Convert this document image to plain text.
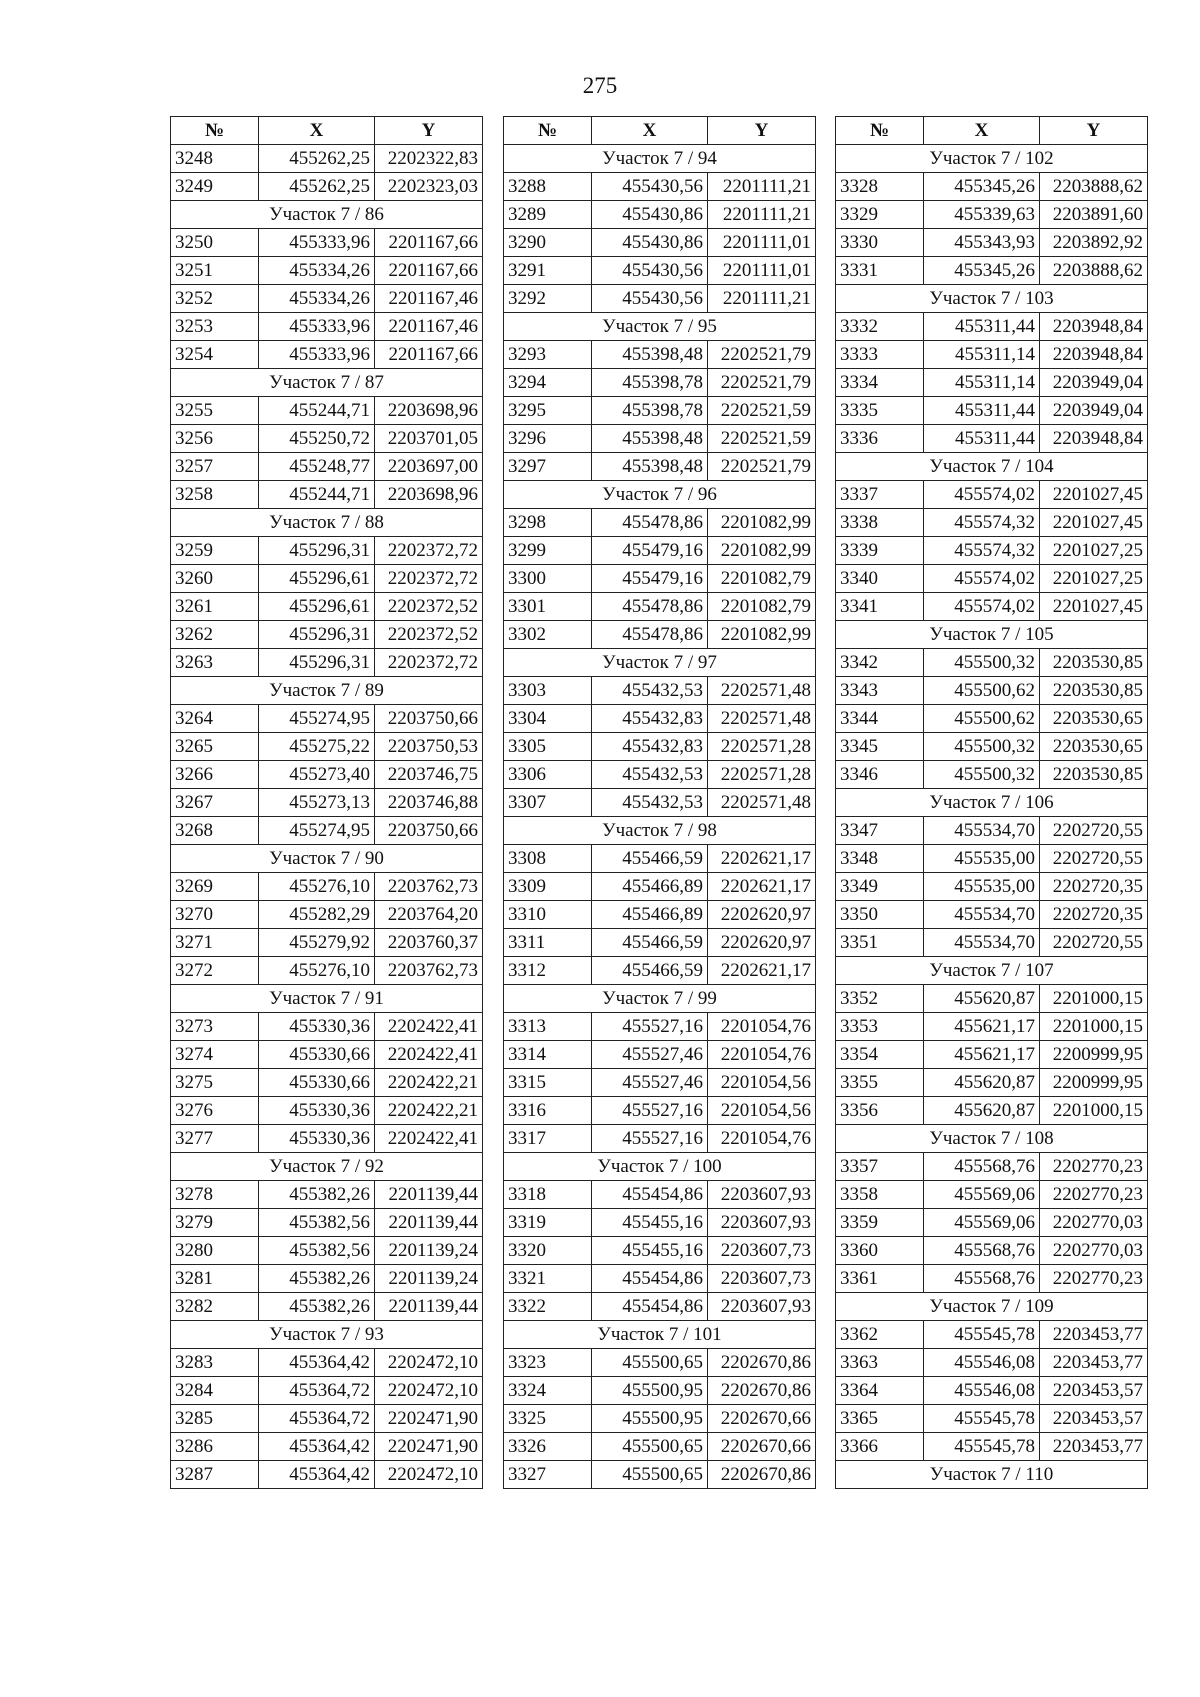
275
№	X	Y
3248	455262,25	2202322,83
3249	455262,25	2202323,03
Участок 7 / 86		
3250	455333,96	2201167,66
3251	455334,26	2201167,66
3252	455334,26	2201167,46
3253	455333,96	2201167,46
3254	455333,96	2201167,66
Участок 7 / 87		
3255	455244,71	2203698,96
3256	455250,72	2203701,05
3257	455248,77	2203697,00
3258	455244,71	2203698,96
Участок 7 / 88		
3259	455296,31	2202372,72
3260	455296,61	2202372,72
3261	455296,61	2202372,52
3262	455296,31	2202372,52
3263	455296,31	2202372,72
Участок 7 / 89		
3264	455274,95	2203750,66
3265	455275,22	2203750,53
3266	455273,40	2203746,75
3267	455273,13	2203746,88
3268	455274,95	2203750,66
Участок 7 / 90		
3269	455276,10	2203762,73
3270	455282,29	2203764,20
3271	455279,92	2203760,37
3272	455276,10	2203762,73
Участок 7 / 91		
3273	455330,36	2202422,41
3274	455330,66	2202422,41
3275	455330,66	2202422,21
3276	455330,36	2202422,21
3277	455330,36	2202422,41
Участок 7 / 92		
3278	455382,26	2201139,44
3279	455382,56	2201139,44
3280	455382,56	2201139,24
3281	455382,26	2201139,24
3282	455382,26	2201139,44
Участок 7 / 93		
3283	455364,42	2202472,10
3284	455364,72	2202472,10
3285	455364,72	2202471,90
3286	455364,42	2202471,90
3287	455364,42	2202472,10
№	X	Y
Участок 7 / 94		
3288	455430,56	2201111,21
3289	455430,86	2201111,21
3290	455430,86	2201111,01
3291	455430,56	2201111,01
3292	455430,56	2201111,21
Участок 7 / 95		
3293	455398,48	2202521,79
3294	455398,78	2202521,79
3295	455398,78	2202521,59
3296	455398,48	2202521,59
3297	455398,48	2202521,79
Участок 7 / 96		
3298	455478,86	2201082,99
3299	455479,16	2201082,99
3300	455479,16	2201082,79
3301	455478,86	2201082,79
3302	455478,86	2201082,99
Участок 7 / 97		
3303	455432,53	2202571,48
3304	455432,83	2202571,48
3305	455432,83	2202571,28
3306	455432,53	2202571,28
3307	455432,53	2202571,48
Участок 7 / 98		
3308	455466,59	2202621,17
3309	455466,89	2202621,17
3310	455466,89	2202620,97
3311	455466,59	2202620,97
3312	455466,59	2202621,17
Участок 7 / 99		
3313	455527,16	2201054,76
3314	455527,46	2201054,76
3315	455527,46	2201054,56
3316	455527,16	2201054,56
3317	455527,16	2201054,76
Участок 7 / 100		
3318	455454,86	2203607,93
3319	455455,16	2203607,93
3320	455455,16	2203607,73
3321	455454,86	2203607,73
3322	455454,86	2203607,93
Участок 7 / 101		
3323	455500,65	2202670,86
3324	455500,95	2202670,86
3325	455500,95	2202670,66
3326	455500,65	2202670,66
3327	455500,65	2202670,86
№	X	Y
Участок 7 / 102		
3328	455345,26	2203888,62
3329	455339,63	2203891,60
3330	455343,93	2203892,92
3331	455345,26	2203888,62
Участок 7 / 103		
3332	455311,44	2203948,84
3333	455311,14	2203948,84
3334	455311,14	2203949,04
3335	455311,44	2203949,04
3336	455311,44	2203948,84
Участок 7 / 104		
3337	455574,02	2201027,45
3338	455574,32	2201027,45
3339	455574,32	2201027,25
3340	455574,02	2201027,25
3341	455574,02	2201027,45
Участок 7 / 105		
3342	455500,32	2203530,85
3343	455500,62	2203530,85
3344	455500,62	2203530,65
3345	455500,32	2203530,65
3346	455500,32	2203530,85
Участок 7 / 106		
3347	455534,70	2202720,55
3348	455535,00	2202720,55
3349	455535,00	2202720,35
3350	455534,70	2202720,35
3351	455534,70	2202720,55
Участок 7 / 107		
3352	455620,87	2201000,15
3353	455621,17	2201000,15
3354	455621,17	2200999,95
3355	455620,87	2200999,95
3356	455620,87	2201000,15
Участок 7 / 108		
3357	455568,76	2202770,23
3358	455569,06	2202770,23
3359	455569,06	2202770,03
3360	455568,76	2202770,03
3361	455568,76	2202770,23
Участок 7 / 109		
3362	455545,78	2203453,77
3363	455546,08	2203453,77
3364	455546,08	2203453,57
3365	455545,78	2203453,57
3366	455545,78	2203453,77
Участок 7 / 110		
